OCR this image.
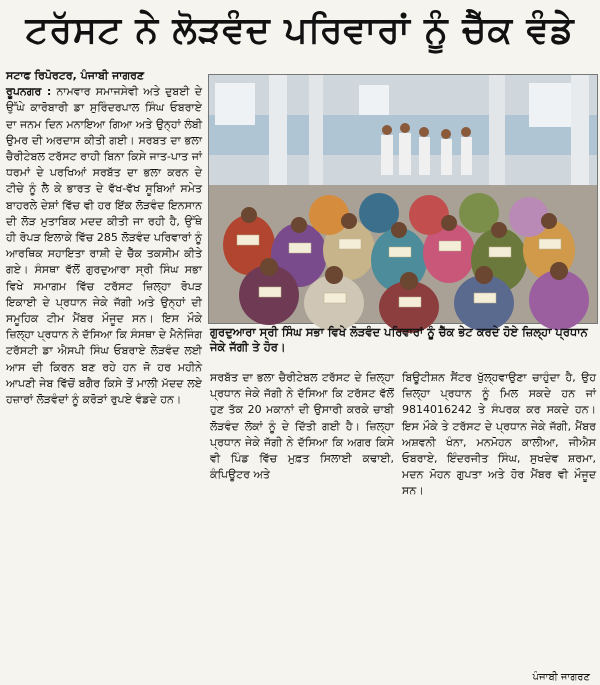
ਟਰੱਸਟ ਨੇ ਲੋੜਵੰਦ ਪਰਿਵਾਰਾਂ ਨੂੰ ਚੈੱਕ ਵੰਡੇ

ਸਟਾਫ ਰਿਪੋਰਟਰ, ਪੰਜਾਬੀ ਜਾਗਰਣ

ਰੂਪਨਗਰ : ਨਾਮਵਾਰ ਸਮਾਜਸੇਵੀ ਅਤੇ ਦੁਬਈ ਦੇ ਉੱਘੇ ਕਾਰੋਬਾਰੀ ਡਾ ਸੁਰਿੰਦਰਪਾਲ ਸਿੰਘ ਓਬਰਾਏ ਦਾ ਜਨਮ ਦਿਨ ਮਨਾਇਆ ਗਿਆ ਅਤੇ ਉਨ੍ਹਾਂ ਲੰਬੀ ਉਮਰ ਦੀ ਅਰਦਾਸ ਕੀਤੀ ਗਈ। ਸਰਬਤ ਦਾ ਭਲਾ ਚੈਰੀਟੇਬਲ ਟਰੱਸਟ ਰਾਹੀ ਬਿਨਾ ਕਿਸੇ ਜਾਤ-ਪਾਤ ਜਾਂ ਧਰਮਾਂ ਦੇ ਪਰਖਿਆਂ ਸਰਬੱਤ ਦਾ ਭਲਾ ਕਰਨ ਦੇ ਟੀਚੇ ਨੂੰ ਲੈ ਕੇ ਭਾਰਤ ਦੇ ਵੱਖ-ਵੱਖ ਸੂਬਿਆਂ ਸਮੇਤ ਬਾਹਰਲੇ ਦੇਸ਼ਾਂ ਵਿੱਚ ਵੀ ਹਰ ਇੱਕ ਲੋੜਵੰਦ ਇਨਸਾਨ ਦੀ ਲੋੜ ਮੁਤਾਬਿਕ ਮਦਦ ਕੀਤੀ ਜਾ ਰਹੀ ਹੈ, ਉੱਥੇ ਹੀ ਰੋਪੜ ਇਲਾਕੇ ਵਿੱਚ 285 ਲੋੜਵੰਦ ਪਰਿਵਾਰਾਂ ਨੂੰ ਆਰਥਿਕ ਸਹਾਇਤਾ ਰਾਸ਼ੀ ਦੇ ਚੈੱਕ ਤਕਸੀਮ ਕੀਤੇ ਗਏ। ਸੰਸਥਾ ਵੱਲੋਂ ਗੁਰਦੁਆਰਾ ਸ੍ਰੀ ਸਿੰਘ ਸਭਾ ਵਿਖੇ ਸਮਾਗਮ ਵਿੱਚ ਟਰੱਸਟ ਜ਼ਿਲ੍ਹਾ ਰੋਪੜ ਇਕਾਈ ਦੇ ਪ੍ਰਧਾਨ ਜੇਕੇ ਜੱਗੀ ਅਤੇ ਉਨ੍ਹਾਂ ਦੀ ਸਮੂਹਿਕ ਟੀਮ ਮੈਂਬਰ ਮੌਜੂਦ ਸਨ। ਇਸ ਮੌਕੇ ਜ਼ਿਲ੍ਹਾ ਪ੍ਰਧਾਨ ਨੇ ਦੱਸਿਆ ਕਿ ਸੰਸਥਾ ਦੇ ਮੈਨੇਜਿੰਗ ਟਰੱਸਟੀ ਡਾ ਐਸਪੀ ਸਿੰਘ ਓਬਰਾਏ ਲੋੜਵੰਦ ਲਈ ਆਸ ਦੀ ਕਿਰਨ ਬਣ ਰਹੇ ਹਨ ਜੋ ਹਰ ਮਹੀਨੇ ਆਪਣੀ ਜੇਬ ਵਿੱਚੋਂ ਬਗੈਰ ਕਿਸੇ ਤੋਂ ਮਾਲੀ ਮੱਦਦ ਲਏ ਹਜ਼ਾਰਾਂ ਲੋੜਵੰਦਾਂ ਨੂੰ ਕਰੋੜਾਂ ਰੁਪਏ ਵੰਡਦੇ ਹਨ।

ਗੁਰਦੁਆਰਾ ਸ੍ਰੀ ਸਿੰਘ ਸਭਾ ਵਿਖੇ ਲੋੜਵੰਦ ਪਰਿਵਾਰਾਂ ਨੂੰ ਚੈੱਕ ਭੇਟ ਕਰਦੇ ਹੋਏ ਜ਼ਿਲ੍ਹਾ ਪ੍ਰਧਾਨ ਜੇਕੇ ਜੱਗੀ ਤੇ ਹੋਰ।
ਪੰਜਾਬੀ ਜਾਗਰਣ

ਸਰਬੱਤ ਦਾ ਭਲਾ ਚੈਰੀਟੇਬਲ ਟਰੱਸਟ ਦੇ ਜ਼ਿਲ੍ਹਾ ਪ੍ਰਧਾਨ ਜੇਕੇ ਜੱਗੀ ਨੇ ਦੱਸਿਆ ਕਿ ਟਰੱਸਟ ਵੱਲੋਂ ਹੁਣ ਤੱਕ 20 ਮਕਾਨਾਂ ਦੀ ਉਸਾਰੀ ਕਰਕੇ ਚਾਬੀ ਲੋੜਵੰਦ ਲੋਕਾਂ ਨੂੰ ਦੇ ਦਿੱਤੀ ਗਈ ਹੈ। ਜ਼ਿਲ੍ਹਾ ਪ੍ਰਧਾਨ ਜੇਕੇ ਜੱਗੀ ਨੇ ਦੱਸਿਆ ਕਿ ਅਗਰ ਕਿਸੇ ਵੀ ਪਿੰਡ ਵਿੱਚ ਮੁਫ਼ਤ ਸਿਲਾਈ ਕਢਾਈ, ਕੰਪਿਊਟਰ ਅਤੇ

ਬਿਊਟੀਸ਼ਨ ਸੈਂਟਰ ਖੁੱਲ੍ਹਵਾਉਣਾ ਚਾਹੁੰਦਾ ਹੈ, ਉਹ ਜ਼ਿਲ੍ਹਾ ਪ੍ਰਧਾਨ ਨੂੰ ਮਿਲ ਸਕਦੇ ਹਨ ਜਾਂ 9814016242 ਤੇ ਸੰਪਰਕ ਕਰ ਸਕਦੇ ਹਨ। ਇਸ ਮੌਕੇ ਤੇ ਟਰੱਸਟ ਦੇ ਪ੍ਰਧਾਨ ਜੇਕੇ ਜੱਗੀ, ਮੈਂਬਰ ਅਸ਼ਵਨੀ ਖੰਨਾ, ਮਨਮੋਹਨ ਕਾਲੀਆ, ਜੀਐਸ ਓਬਰਾਏ, ਇੰਦਰਜੀਤ ਸਿੰਘ, ਸੁਖਦੇਵ ਸ਼ਰਮਾ, ਮਦਨ ਮੋਹਨ ਗੁਪਤਾ ਅਤੇ ਹੋਰ ਮੈਂਬਰ ਵੀ ਮੌਜੂਦ ਸਨ।
